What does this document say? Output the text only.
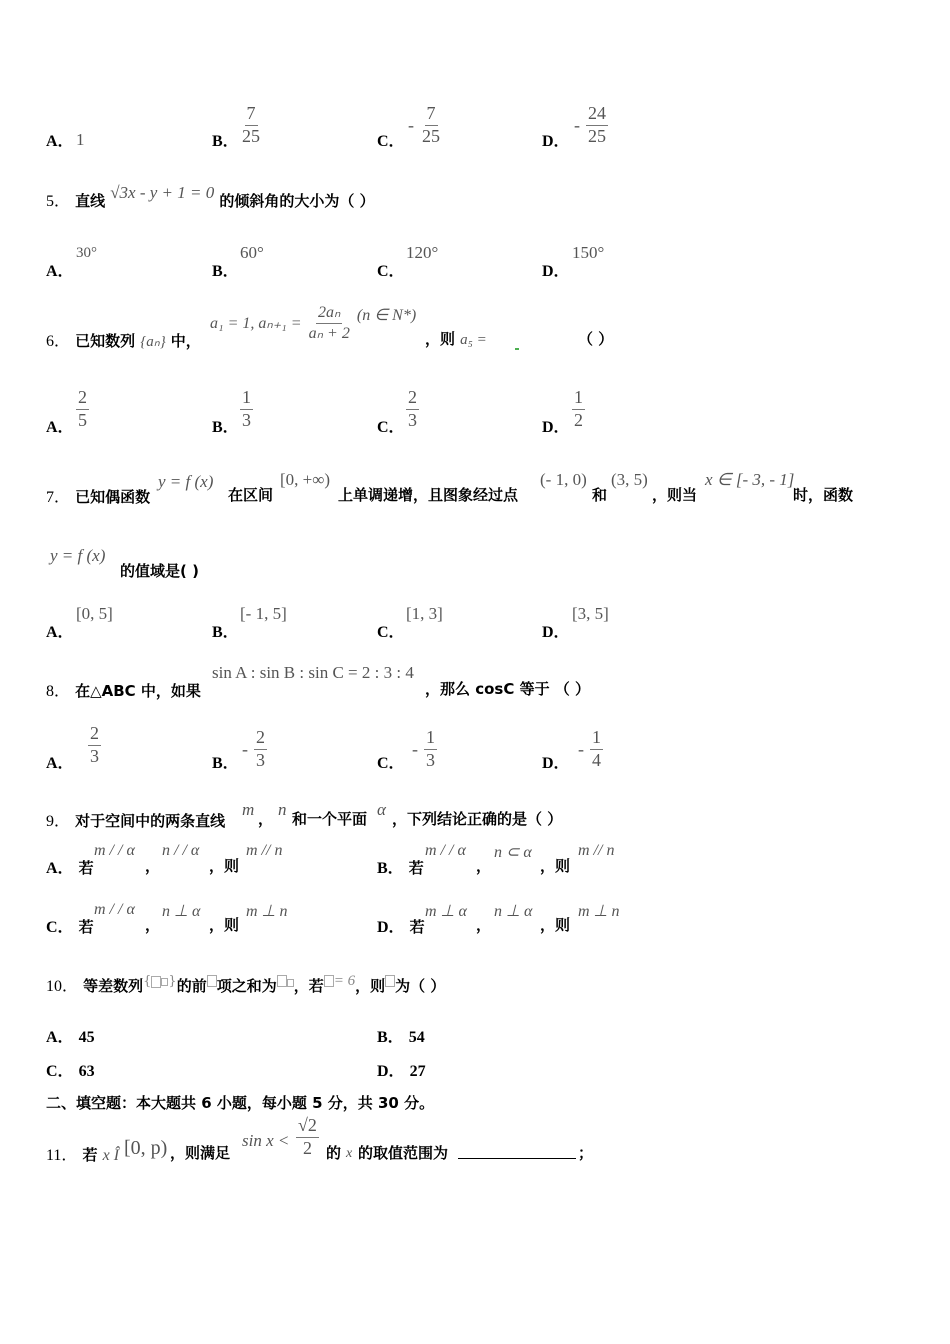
A． 1	B． $\frac{7}{25}$	C．
- $\frac{7}{25}$	D．
- $\frac{24}{25}$
5． 直线 √3x - y + 1 = 0 的倾斜角的大小为（ ）
A．
30°
B．
60°
C．
120°
D．
150°
6． 已知数列 {aₙ} 中，
a₁ = 1, $a_{n+1} = \frac{\text{2aₙ}}{\text{aₙ + 2}} (n$ ∈ N*)
，则 a₅ =	（ ）
A． $\frac{2}{5}$	B． $\frac{1}{3}$	C． $\frac{2}{3}$	D． $\frac{1}{2}$
7． 已知偶函数
y = f (x)
在区间
[0, +∞)
上单调递增，且图象经过点
(- 1, 0)
和
(3, 5)
，则当
x ∈ [- 3, - 1]
时，函数
y = f (x)
的值域是( )
A．
[0, 5]
B．
[- 1, 5]
C．
[1, 3]
D．
[3, 5]
8． 在△ABC 中，如果
sin A : sin B : sin C = 2 : 3 : 4
，那么 cosC 等于 （ ）
A． $\frac{2}{3}$	B．
- $\frac{2}{3}$	C．
- $\frac{1}{3}$	D．
- $\frac{1}{4}$
9． 对于空间中的两条直线
m ， n 和一个平面 α ，下列结论正确的是（ ）
A． 若
m / / α
，
n / / α
，则
m // n
B． 若
m / / α
，
n ⊂ α
，则
m // n
C． 若
m / / α
，
n ⊥ α
，则
m ⊥ n
D． 若
m ⊥ α
，
n ⊥ α
，则
m ⊥ n
10． 等差数列{ }的前 项之和为 ，若 = 6，则 为（ ）
A． 45	B． 54
C． 63	D． 27
二、填空题：本大题共 6 小题，每小题 5 分，共 30 分。
11． 若 x Î [0, p) ，则满足
$\sin x < \frac{√2}{2}$ 的 x 的取值范围为	；
